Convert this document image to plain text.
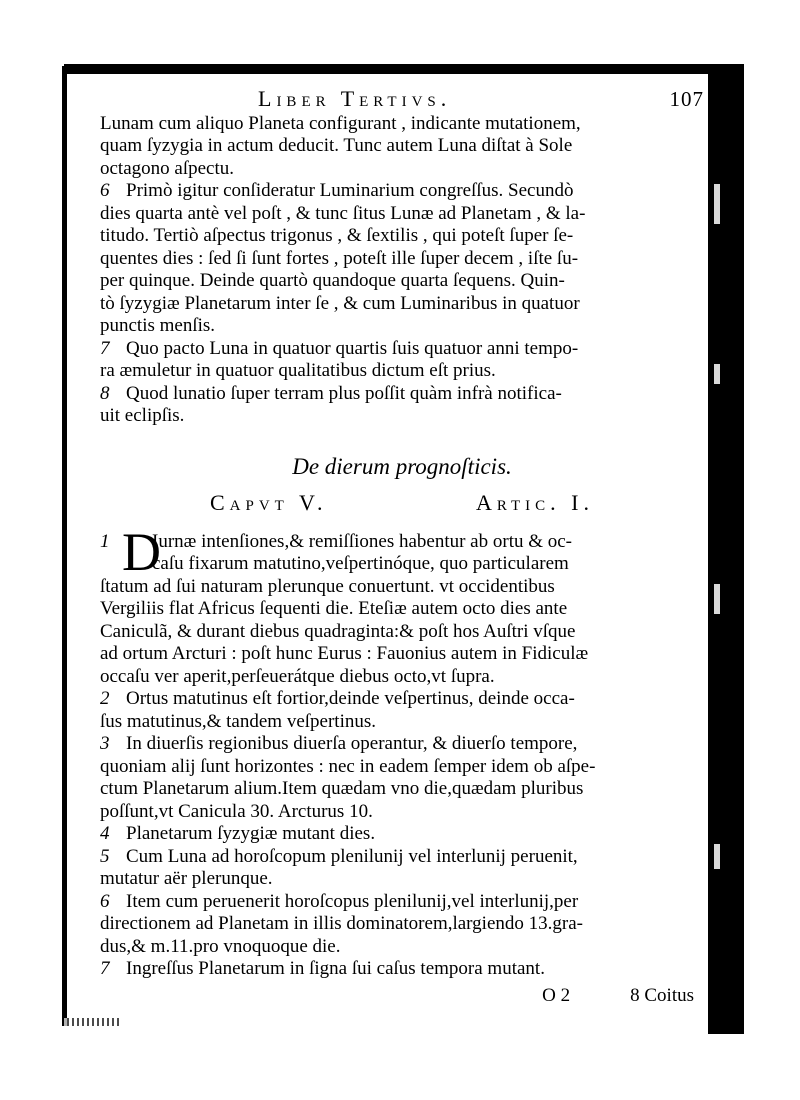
Liber Tertivs.	107

Lunam cum aliquo Planeta configurant , indicante mutationem,

quam ſyzygia in actum deducit. Tunc autem Luna diſtat à Sole

octagono aſpectu.

6 Primò igitur conſideratur Luminarium congreſſus. Secundò

dies quarta antè vel poſt , & tunc ſitus Lunæ ad Planetam , & la-

titudo. Tertiò aſpectus trigonus , & ſextilis , qui poteſt ſuper ſe-

quentes dies : ſed ſi ſunt fortes , poteſt ille ſuper decem , iſte ſu-

per quinque. Deinde quartò quandoque quarta ſequens. Quin-

tò ſyzygiæ Planetarum inter ſe , & cum Luminaribus in quatuor

punctis menſis.

7 Quo pacto Luna in quatuor quartis ſuis quatuor anni tempo-

ra æmuletur in quatuor qualitatibus dictum eſt prius.

8 Quod lunatio ſuper terram plus poſſit quàm infrà notifica-

uit eclipſis.

De dierum prognoſticis.
Capvt V.	Artic. I.
1 D

Iurnæ intenſiones,& remiſſiones habentur ab ortu & oc-

caſu fixarum matutino,veſpertinóque, quo particularem

ſtatum ad ſui naturam plerunque conuertunt. vt occidentibus

Vergiliis flat Africus ſequenti die. Eteſiæ autem octo dies ante

Caniculã, & durant diebus quadraginta:& poſt hos Auſtri vſque

ad ortum Arcturi : poſt hunc Eurus : Fauonius autem in Fidiculæ

occaſu ver aperit,perſeuerátque diebus octo,vt ſupra.

2 Ortus matutinus eſt fortior,deinde veſpertinus, deinde occa-

ſus matutinus,& tandem veſpertinus.

3 In diuerſis regionibus diuerſa operantur, & diuerſo tempore,

quoniam alij ſunt horizontes : nec in eadem ſemper idem ob aſpe-

ctum Planetarum alium.Item quædam vno die,quædam pluribus

poſſunt,vt Canicula 30. Arcturus 10.

4 Planetarum ſyzygiæ mutant dies.

5 Cum Luna ad horoſcopum plenilunij vel interlunij peruenit,

mutatur aër plerunque.

6 Item cum peruenerit horoſcopus plenilunij,vel interlunij,per

directionem ad Planetam in illis dominatorem,largiendo 13.gra-

dus,& m.11.pro vnoquoque die.

7 Ingreſſus Planetarum in ſigna ſui caſus tempora mutant.

O 2	8 Coitus
